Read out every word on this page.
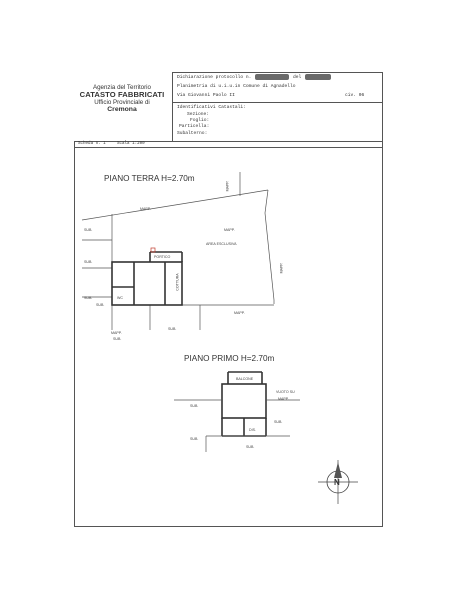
Agenzia del Territorio
CATASTO FABBRICATI
Ufficio Provinciale di
Cremona
Dichiarazione protocollo n.	del
Planimetria di u.i.u.in Comune di Agnadello
Via Giovanni Paolo II	civ. 06
Identificativi Catastali:
Sezione:
Foglio:
Particella:
Subalterno:
Scheda n. 1	Scala 1:200
PIANO TERRA H=2.70m
MAPP.
MAPP.
MAPP.
AREA ESCLUSIVA
PORTICO
COTTURA
WC
SUB.
SUB.
SUB.
SUB.
MAPP.
MAPP.
MAPP.
SUB.
SUB.
PIANO PRIMO H=2.70m
BALCONE
VUOTO SU
MAPP.
SUB.
SUB.
SUB.
DIS.
SUB.
N
